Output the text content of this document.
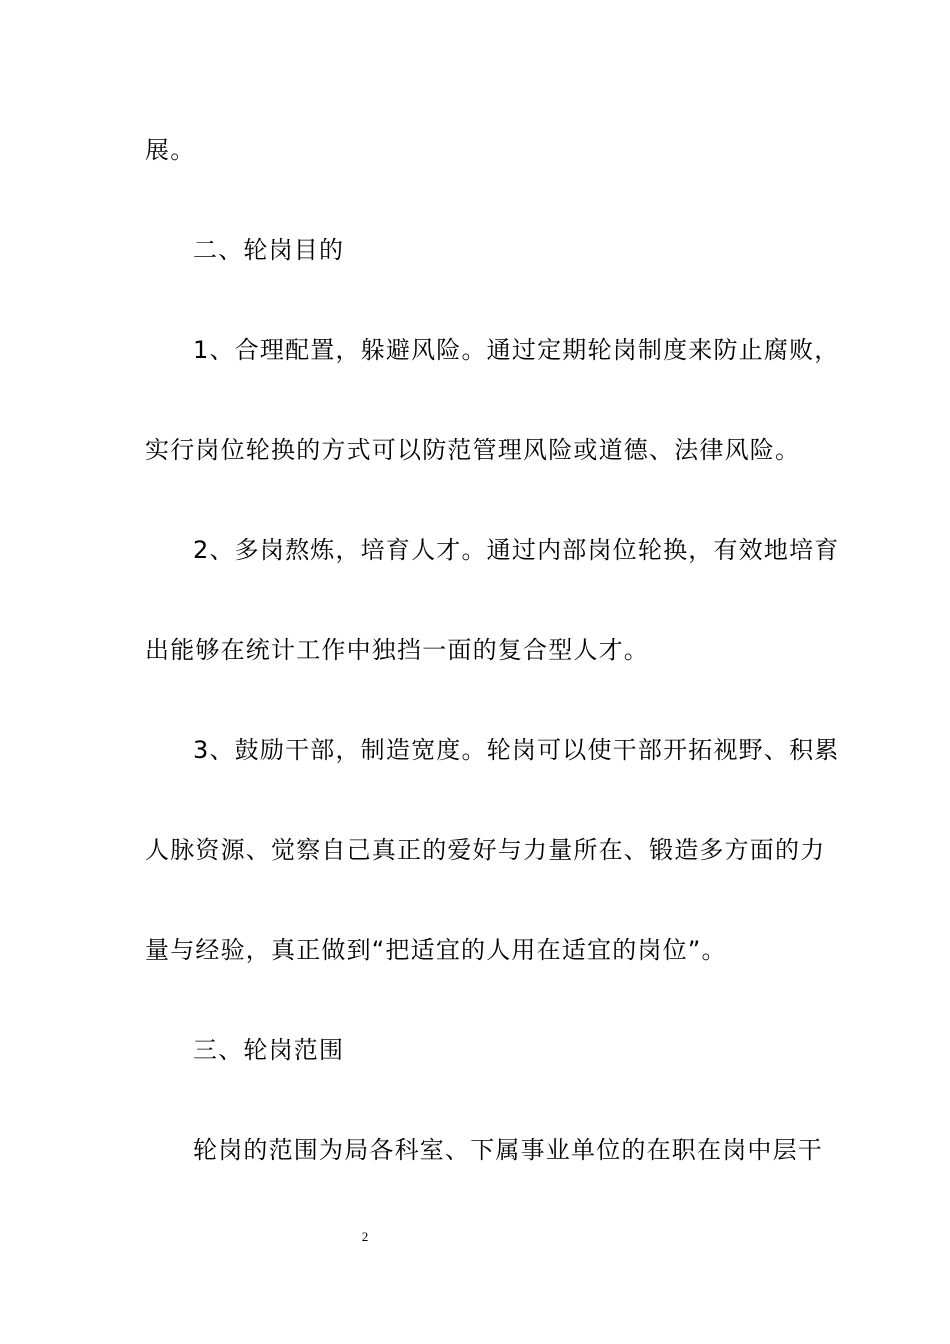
展。
二、轮岗目的
1、合理配置，躲避风险。通过定期轮岗制度来防止腐败，
实行岗位轮换的方式可以防范管理风险或道德、法律风险。
2、多岗熬炼，培育人才。通过内部岗位轮换，有效地培育
出能够在统计工作中独挡一面的复合型人才。
3、鼓励干部，制造宽度。轮岗可以使干部开拓视野、积累
人脉资源、觉察自己真正的爱好与力量所在、锻造多方面的力
量与经验，真正做到“把适宜的人用在适宜的岗位”。
三、轮岗范围
轮岗的范围为局各科室、下属事业单位的在职在岗中层干
2
